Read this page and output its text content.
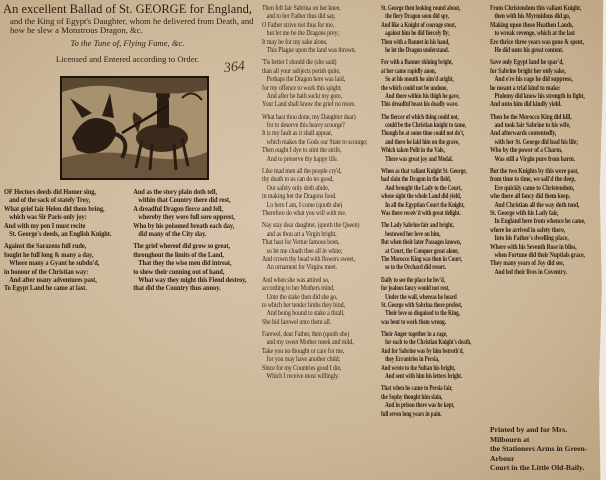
An excellent Ballad of St. GEORGE for England,
and the King of Egypt's Daughter, whom he delivered from Death, and how he slew a Monstrous Dragon, &c.
To the Tune of, Flying Fame, &c.
Licensed and Entered according to Order.	364
OF Hectors deeds did Homer sing,
and of the sack of stately Troy,
What grief fair Helen did them bring,
which was Sir Paris only joy:
And with my pen I must recite
St. George's deeds, an English Knight.
Against the Sarazens full rude,
fought he full long & many a day,
Where many a Gyant he subdu'd,
in honour of the Christian way:
And after many adventures past,
To Egypt Land he came at last.
And as the story plain doth tell,
within that Country there did rest,
A dreadful Dragon fierce and fell,
whereby they were full sore opprest,
Who by his poisoned breath each day,
did many of the City slay.
The grief whereof did grow so great,
throughout the limits of the Land,
That they the wise men did intreat,
to shew their cunning out of hand,
What way they might this Fiend destroy,
that did the Country thus annoy.
Then fell fair Sabrina on her knee,
and to her Father thus did say,
O Father strive not thus for me,
but let me be the Dragons prey;
It may be for my sake alone,
This Plague upon the land was thrown.
'Tis better I should die (she said)
than all your subjects perish quite,
Perhaps the Dragon here was laid,
for my offence to work this spight;
And after he hath suckt my gore,
Your Land shall know the grief no more.
What hast thou done, my Daughter dear)
for to deserve this heavy scourge?
It is my fault as it shall appear,
which makes the Gods our State to scourge;
Then ought I dye to stint the strife,
And to preserve thy happy life.
Like mad men all the people cry'd,
thy death to us can do no good,
Our safety only doth abide,
in making her the Dragons food.
Lo here I am, I come (quoth she)
Therefore do what you will with me.
Nay stay dear daughter, (quoth the Queen)
and as thou art a Virgin bright,
That hast for Vertue famous been,
so let me cloath thee all in white;
And crown thy head with flowers sweet,
An ornament for Virgins meet.
And when she was attired so,
according to her Mothers mind,
Unto the stake then did she go,
to which her tender limbs they bind,
And being bound to stake a thrall,
She bid farewel unto them all.
Farewel, dear Father, then (quoth she)
and my sweet Mother meek and mild,
Take you no thought or care for me,
for you may have another child;
Since for my Countries good I die,
Which I receive most willingly.
St. George then looking round about,
the fiery Dragon soon did spy,
And like a Knight of courage stout,
against him he did fiercely fly;
Then with a Bannet in his hand,
he let the Dragon understand.
For with a Banner shining bright,
at her came rapidly anon,
So at his mouth he aim'd aright,
the which could not be undone,
And there within his thigh he gave,
This dreadful beast his deadly wave.
The fiercer of which thing could not,
could be the Christian knight to tame,
Though he at some time could not do't,
and there he laid him on the grave,
Which taken Polit in the Vale,
There was great joy and Medal.
When as that valiant Knight St. George,
had slain the Dragon in the field,
And brought the Lady to the Court,
whose sight the whole Land did yield,
In all the Egyptian Court the Knight,
Was there receiv'd with great delight.
The Lady Sabrine fair and bright,
bestowed her love on him,
But when their later Passages known,
at Court, the Conquer great alone,
The Morocco King was then in Court,
so to the Orchard did resort.
Daily to see the place he lov'd,
for jealous fancy would not rest,
Under the wall, whereas he heard
St. George with Sabrina there profest,
Their love so disguised to the King,
was bent to work them wrong.
Their Anger together in a rage,
for each to the Christian Knight's death,
And for Sabrine was by him betroth'd,
they Errantries in Persia,
And wrote to the Sultan his bright,
And sent with him his letters bright.
That when he came to Persia fair,
the Sophy thought him slain,
And in prison there was he kept,
full seven long years in pain.
From Christendom this valiant Knight,
then with his Myrmidons did go,
Making upon those Heathen Lands,
to wreak revenge, which at the last
Ere thrice three years was gone & spent,
He did unto his great content.
Save only Egypt land he spar'd,
for Sabrine bright her only sake,
And e're his rage he did suppress,
he meant a trial kind to make:
Ptolemy did know his strength in fight,
And unto him did kindly yield.
Then he the Morocco King did kill,
and took fair Sabrine to his wife,
And afterwards contentedly,
with her St. George did lead his life;
Who by the power of a Charm,
Was still a Virgin pure from harm.
But the two Knights by this were past,
from time to time, we sail'd the deep,
Ere quickly came to Christendom,
who there all fancy did them keep,
And Christian all the way doth tend,
St. George with his Lady fair,
In England here from whence he came,
where he arrived in safety there,
Into his Father's dwelling place,
Where with his Seventh Rose in bliss,
when Fortune did their Nuptials grace,
They many years of Joy did see,
And led their lives in Coventry.
Printed by and for Mrs. Milbourn at
the Stationers Arms in Green-Arbour
Court in the Little Old-Baily.
